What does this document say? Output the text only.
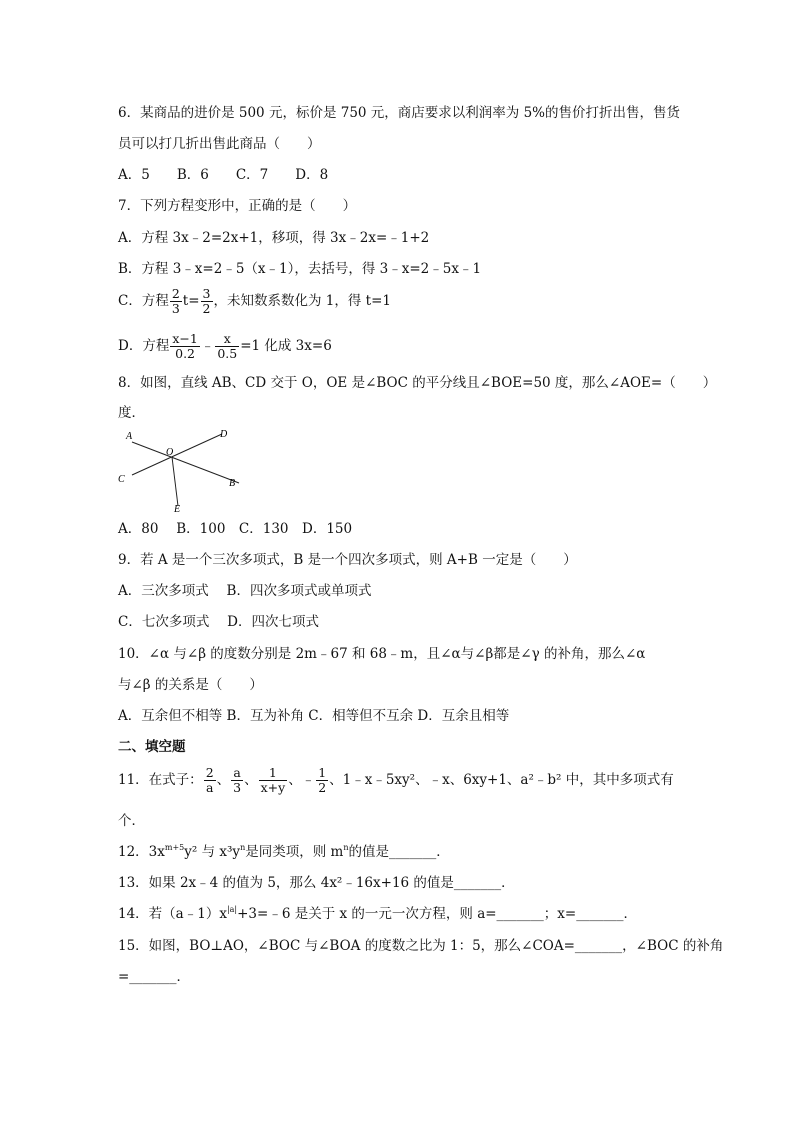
6．某商品的进价是 500 元，标价是 750 元，商店要求以利润率为 5%的售价打折出售，售货
员可以打几折出售此商品（　　）
A．5　　B．6　　C．7　　D．8
7．下列方程变形中，正确的是（　　）
A．方程 3x﹣2=2x+1，移项，得 3x﹣2x=﹣1+2
B．方程 3﹣x=2﹣5（x﹣1），去括号，得 3﹣x=2﹣5x﹣1
C．方程 $\frac{2}{3} t= \frac{3}{2}$ ，未知数系数化为 1，得 t=1
D．方程 $\frac{x-1}{0.2}$ ﹣ $\frac{x}{0.5} =1$ 化成 3x=6
8．如图，直线 AB、CD 交于 O，OE 是∠BOC 的平分线且∠BOE=50 度，那么∠AOE=（　　）
度．
A	D
O
C	B
E
A．80　 B．100　C．130　D．150
9．若 A 是一个三次多项式，B 是一个四次多项式，则 A+B 一定是（　　）
A．三次多项式　 B．四次多项式或单项式
C．七次多项式　 D．四次七项式
10．∠α 与∠β 的度数分别是 2m﹣67 和 68﹣m，且∠α与∠β都是∠γ 的补角，那么∠α
与∠β 的关系是（　　）
A．互余但不相等 B．互为补角 C．相等但不互余 D．互余且相等
二、填空题
11．在式子： $\frac{2}{a}$ 、 $\frac{a}{3}$ 、 $\frac{1}{x+y}$ 、﹣ $\frac{1}{2}$ 、1﹣x﹣5xy²、﹣x、6xy+1、a²﹣b² 中，其中多项式有
个．
12．$3x^{m+5}y^2$ 与 $x^3y^n$是同类项，则 $m^n$的值是_______．
13．如果 2x﹣4 的值为 5，那么 4x²﹣16x+16 的值是_______．
14．若$(a﹣1)x^{|a|}+3=﹣6$ 是关于 x 的一元一次方程，则 a=_______；x=_______．
15．如图，BO⊥AO，∠BOC 与∠BOA 的度数之比为 1：5，那么∠COA=_______，∠BOC 的补角
=_______．
